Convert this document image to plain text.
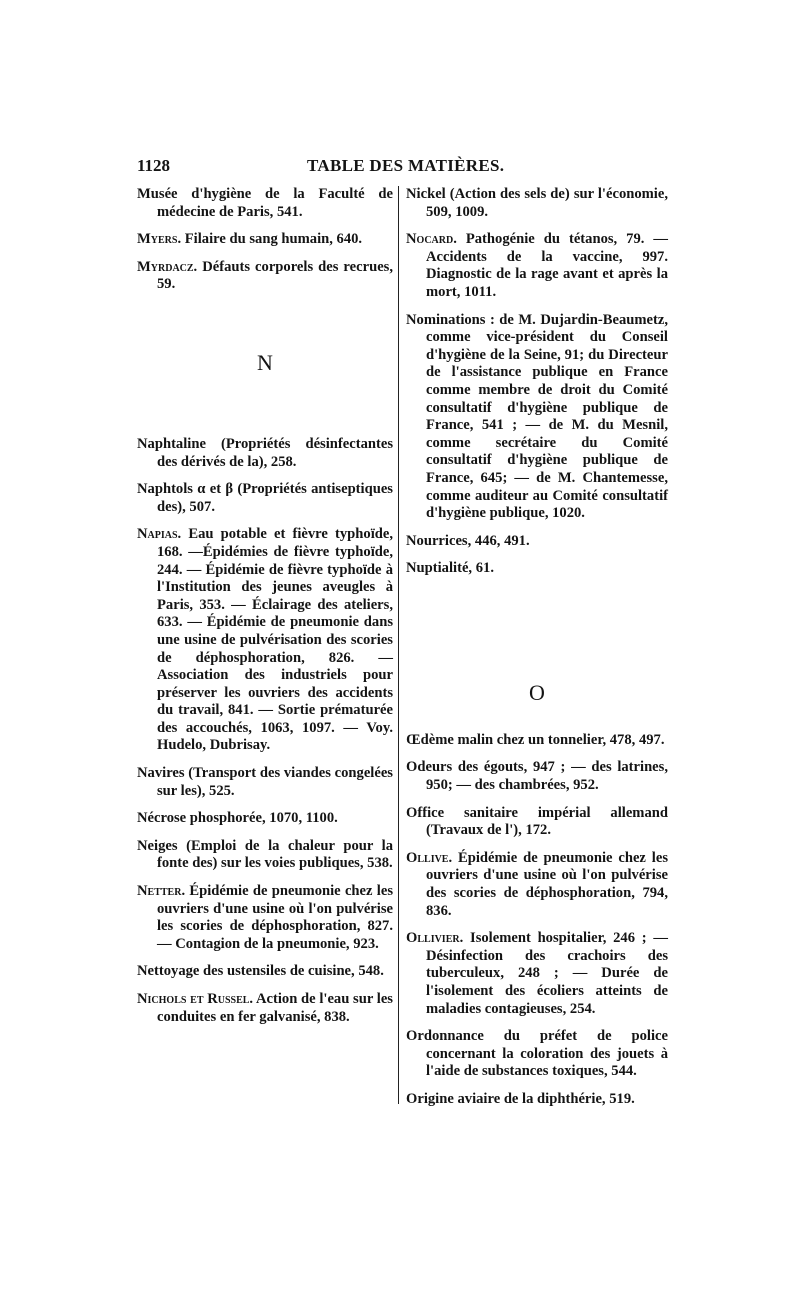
1128	TABLE DES MATIÈRES.

Musée d'hygiène de la Faculté de médecine de Paris, 541.

Myers. Filaire du sang humain, 640.

Myrdacz. Défauts corporels des recrues, 59.

N

Naphtaline (Propriétés désinfectantes des dérivés de la), 258.

Naphtols α et β (Propriétés antiseptiques des), 507.

Napias. Eau potable et fièvre typhoïde, 168. —Épidémies de fièvre typhoïde, 244. — Épidémie de fièvre typhoïde à l'Institution des jeunes aveugles à Paris, 353. — Éclairage des ateliers, 633. — Épidémie de pneumonie dans une usine de pulvérisation des scories de déphosphoration, 826. —Association des industriels pour préserver les ouvriers des accidents du travail, 841. — Sortie prématurée des accouchés, 1063, 1097. — Voy. Hudelo, Dubrisay.

Navires (Transport des viandes congelées sur les), 525.

Nécrose phosphorée, 1070, 1100.

Neiges (Emploi de la chaleur pour la fonte des) sur les voies publiques, 538.

Netter. Épidémie de pneumonie chez les ouvriers d'une usine où l'on pulvérise les scories de déphosphoration, 827. — Contagion de la pneumonie, 923.

Nettoyage des ustensiles de cuisine, 548.

Nichols et Russel. Action de l'eau sur les conduites en fer galvanisé, 838.

Nickel (Action des sels de) sur l'économie, 509, 1009.

Nocard. Pathogénie du tétanos, 79. — Accidents de la vaccine, 997. Diagnostic de la rage avant et après la mort, 1011.

Nominations : de M. Dujardin-Beaumetz, comme vice-président du Conseil d'hygiène de la Seine, 91; du Directeur de l'assistance publique en France comme membre de droit du Comité consultatif d'hygiène publique de France, 541 ; — de M. du Mesnil, comme secrétaire du Comité consultatif d'hygiène publique de France, 645; — de M. Chantemesse, comme auditeur au Comité consultatif d'hygiène publique, 1020.

Nourrices, 446, 491.

Nuptialité, 61.

O

Œdème malin chez un tonnelier, 478, 497.

Odeurs des égouts, 947 ; — des latrines, 950; — des chambrées, 952.

Office sanitaire impérial allemand (Travaux de l'), 172.

Ollive. Épidémie de pneumonie chez les ouvriers d'une usine où l'on pulvérise des scories de déphosphoration, 794, 836.

Ollivier. Isolement hospitalier, 246 ; — Désinfection des crachoirs des tuberculeux, 248 ; — Durée de l'isolement des écoliers atteints de maladies contagieuses, 254.

Ordonnance du préfet de police concernant la coloration des jouets à l'aide de substances toxiques, 544.

Origine aviaire de la diphthérie, 519.
